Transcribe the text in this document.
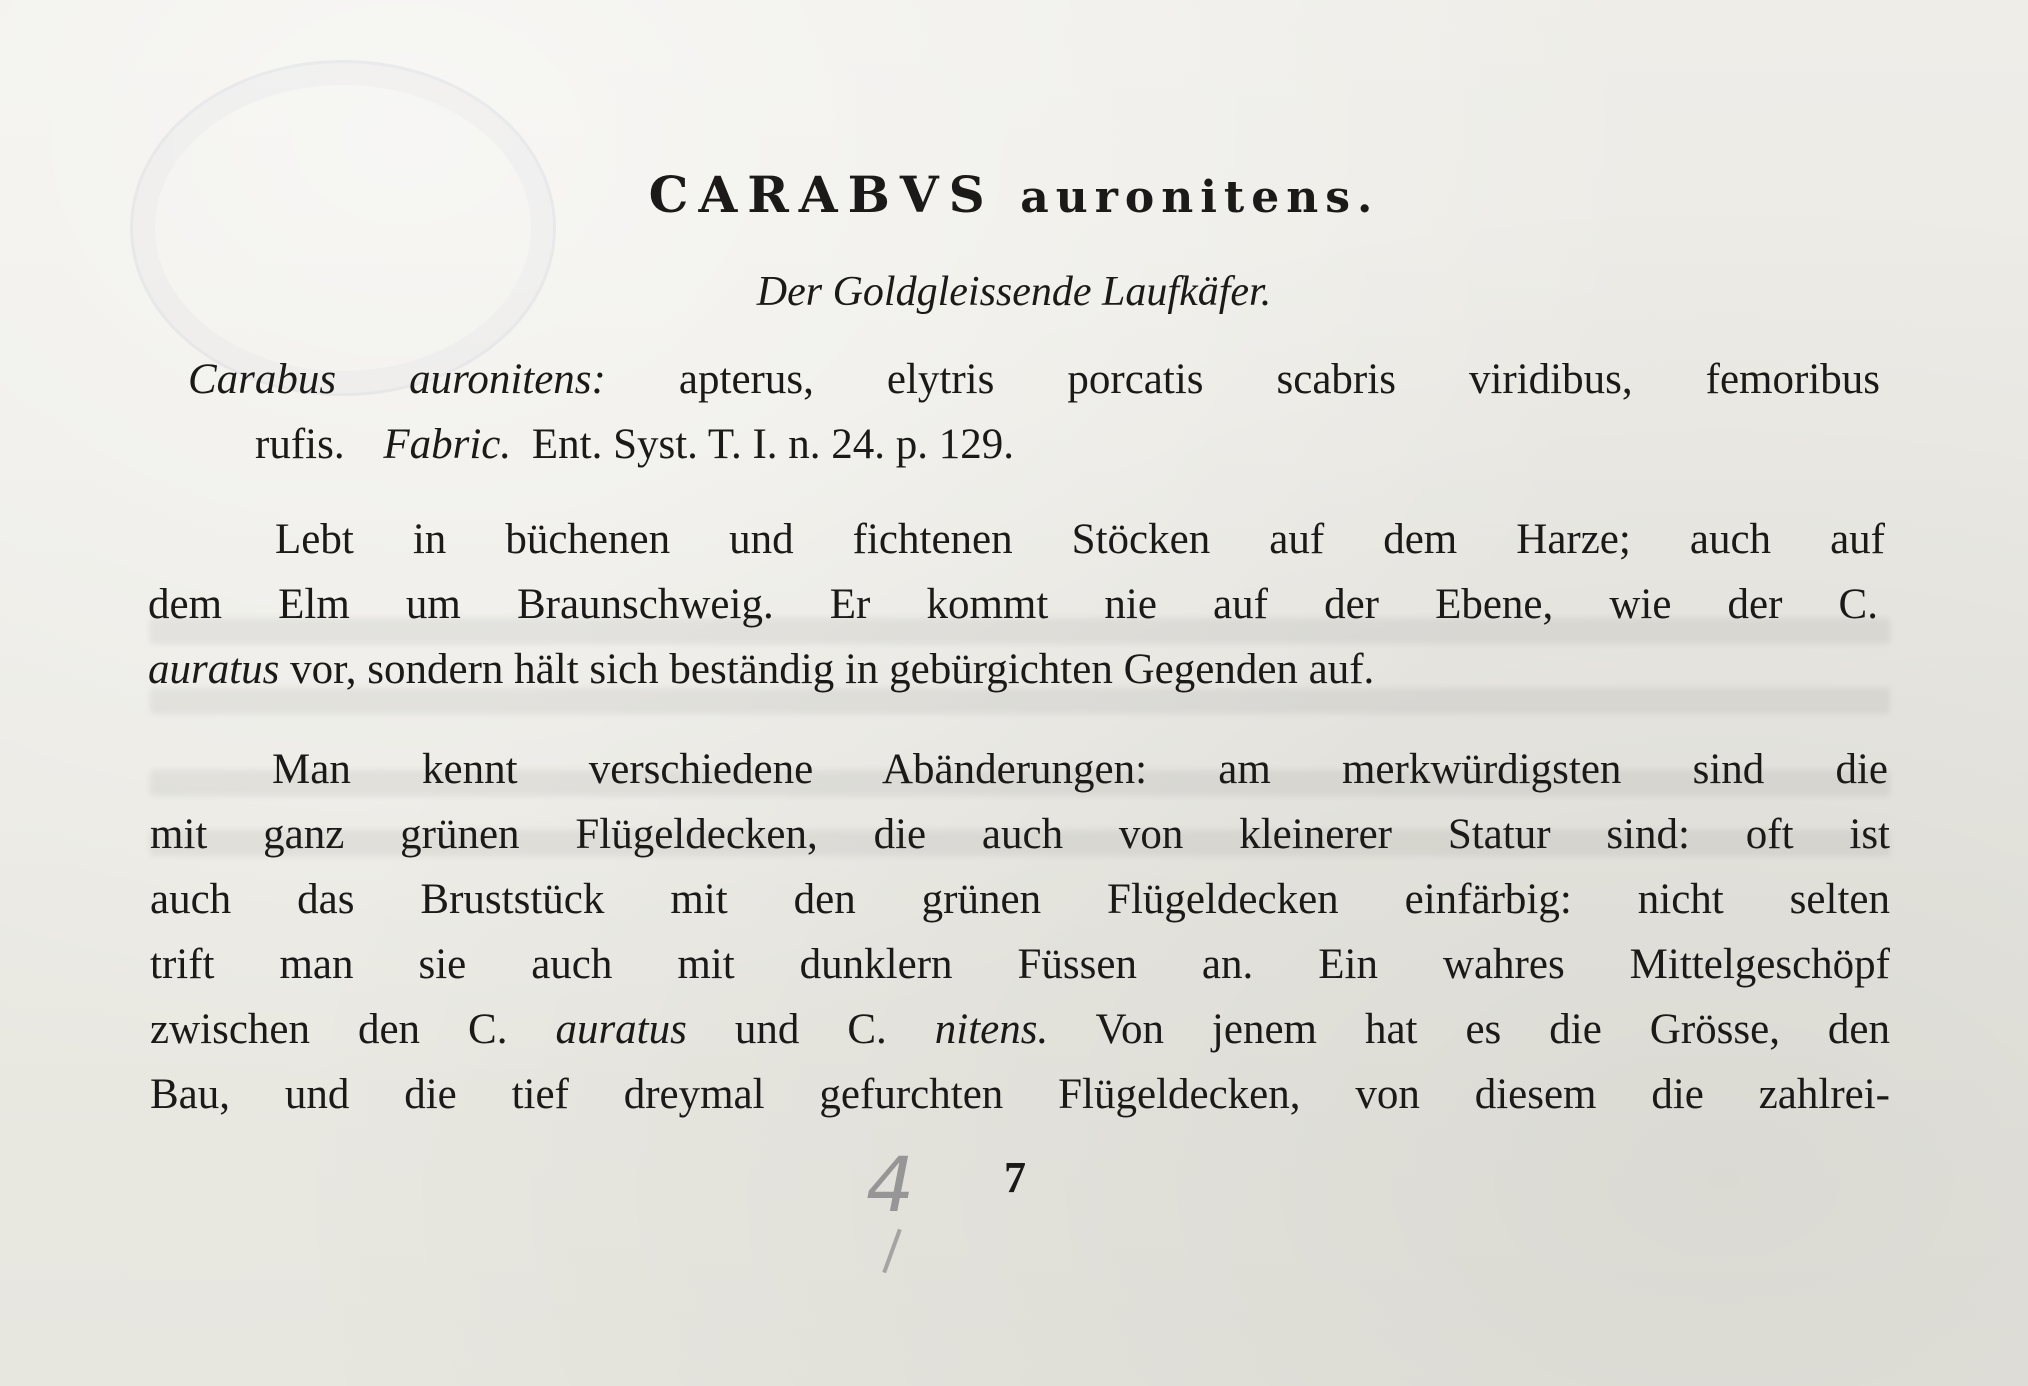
CARABVS auronitens.
Der Goldgleissende Laufkäfer.
Carabus auronitens: apterus, elytris porcatis scabris viridibus, femoribus
rufis. Fabric. Ent. Syst. T. I. n. 24. p. 129.
Lebt in büchenen und fichtenen Stöcken auf dem Harze; auch auf
dem Elm um Braunschweig. Er kommt nie auf der Ebene, wie der C.
auratus vor, sondern hält sich beständig in gebürgichten Gegenden auf.
Man kennt verschiedene Abänderungen: am merkwürdigsten sind die
mit ganz grünen Flügeldecken, die auch von kleinerer Statur sind: oft ist
auch das Bruststück mit den grünen Flügeldecken einfärbig: nicht selten
trift man sie auch mit dunklern Füssen an. Ein wahres Mittelgeschöpf
zwischen den C. auratus und C. nitens. Von jenem hat es die Grösse, den
Bau, und die tief dreymal gefurchten Flügeldecken, von diesem die zahlrei-
4 7
